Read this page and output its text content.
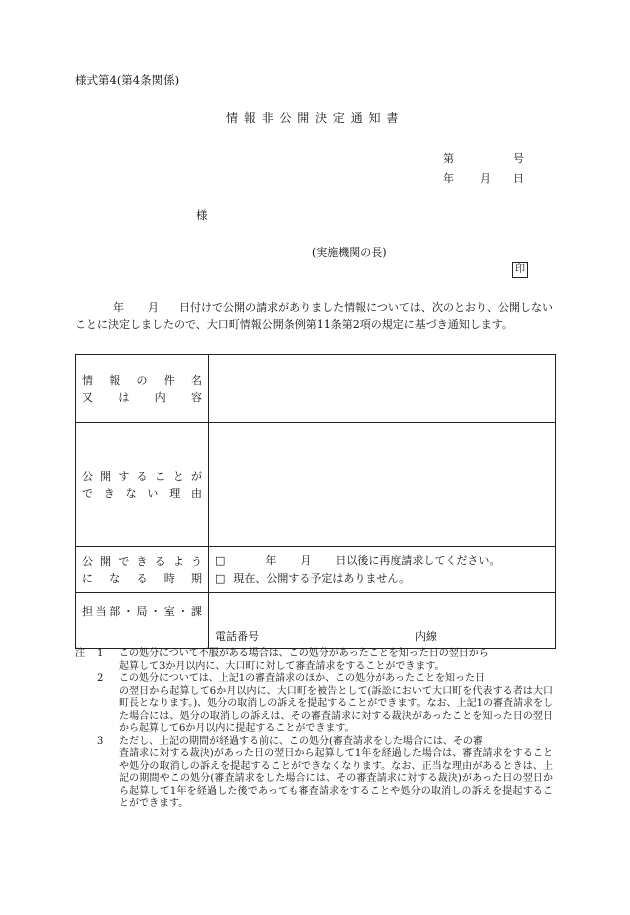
様式第4(第4条関係)
情 報 非 公 開 決 定 通 知 書
第	号
年 月 日
様
(実施機関の長)
印
年 月 日付けで公開の請求がありました情報については、次のとおり、公開しないことに決定しましたので、大口町情報公開条例第11条第2項の規定に基づき通知します。
情 報 の 件 名
又 は 内 容	

公開することが
できない理由	

公開できるよう
になる時期	□ 年 月 日以後に再度請求してください。
□ 現在、公開する予定はありません。

担当部・局・室・課	電話番号 内線
注 1	この処分について不服がある場合は、この処分があったことを知った日の翌日から
起算して3か月以内に、大口町に対して審査請求をすることができます。
2	この処分については、上記1の審査請求のほか、この処分があったことを知った日
の翌日から起算して6か月以内に、大口町を被告として(訴訟において大口町を代表する者は大口町長となります。)、処分の取消しの訴えを提起することができます。なお、上記1の審査請求をした場合には、処分の取消しの訴えは、その審査請求に対する裁決があったことを知った日の翌日から起算して6か月以内に提起することができます。
3	ただし、上記の期間が経過する前に、この処分(審査請求をした場合には、その審
査請求に対する裁決)があった日の翌日から起算して1年を経過した場合は、審査請求をすることや処分の取消しの訴えを提起することができなくなります。なお、正当な理由があるときは、上記の期間やこの処分(審査請求をした場合には、その審査請求に対する裁決)があった日の翌日から起算して1年を経過した後であっても審査請求をすることや処分の取消しの訴えを提起することができます。
